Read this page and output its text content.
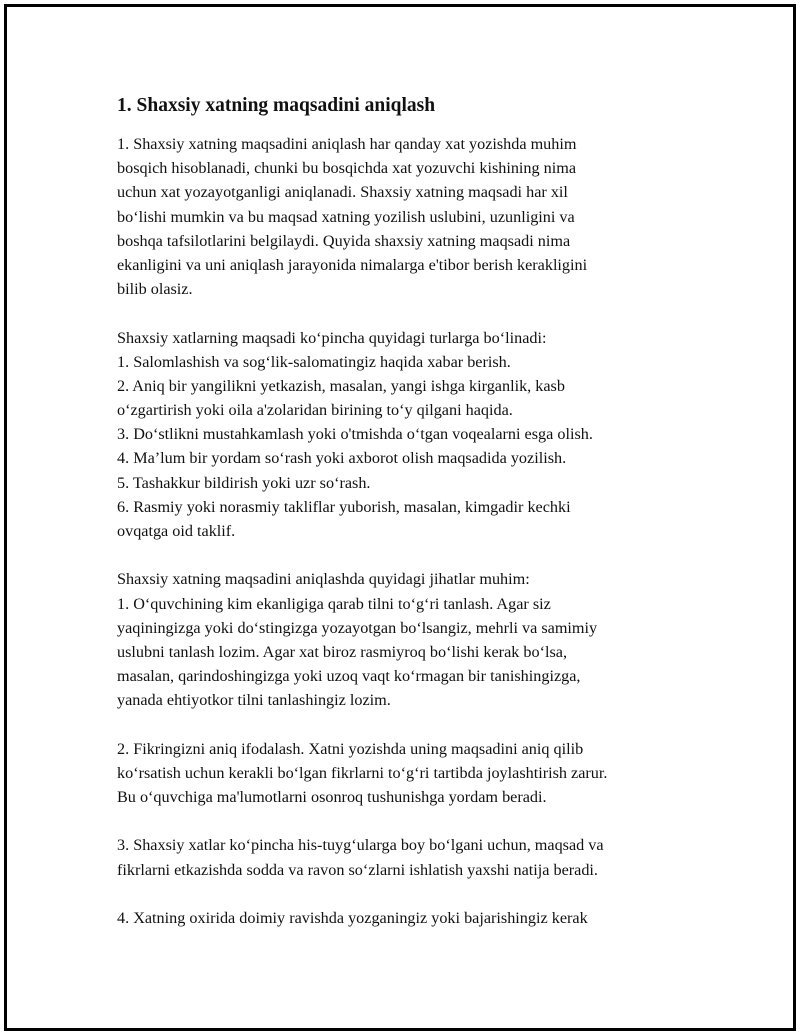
1. Shaxsiy xatning maqsadini aniqlash
1. Shaxsiy xatning maqsadini aniqlash har qanday xat yozishda muhim
bosqich hisoblanadi, chunki bu bosqichda xat yozuvchi kishining nima
uchun xat yozayotganligi aniqlanadi. Shaxsiy xatning maqsadi har xil
bo‘lishi mumkin va bu maqsad xatning yozilish uslubini, uzunligini va
boshqa tafsilotlarini belgilaydi. Quyida shaxsiy xatning maqsadi nima
ekanligini va uni aniqlash jarayonida nimalarga e'tibor berish kerakligini
bilib olasiz.
Shaxsiy xatlarning maqsadi ko‘pincha quyidagi turlarga bo‘linadi:
1. Salomlashish va sog‘lik-salomatingiz haqida xabar berish.
2. Aniq bir yangilikni yetkazish, masalan, yangi ishga kirganlik, kasb
o‘zgartirish yoki oila a'zolaridan birining to‘y qilgani haqida.
3. Do‘stlikni mustahkamlash yoki o'tmishda o‘tgan voqealarni esga olish.
4. Ma’lum bir yordam so‘rash yoki axborot olish maqsadida yozilish.
5. Tashakkur bildirish yoki uzr so‘rash.
6. Rasmiy yoki norasmiy takliflar yuborish, masalan, kimgadir kechki
ovqatga oid taklif.
Shaxsiy xatning maqsadini aniqlashda quyidagi jihatlar muhim:
1. O‘quvchining kim ekanligiga qarab tilni to‘g‘ri tanlash. Agar siz
yaqiningizga yoki do‘stingizga yozayotgan bo‘lsangiz, mehrli va samimiy
uslubni tanlash lozim. Agar xat biroz rasmiyroq bo‘lishi kerak bo‘lsa,
masalan, qarindoshingizga yoki uzoq vaqt ko‘rmagan bir tanishingizga,
yanada ehtiyotkor tilni tanlashingiz lozim.
2. Fikringizni aniq ifodalash. Xatni yozishda uning maqsadini aniq qilib
ko‘rsatish uchun kerakli bo‘lgan fikrlarni to‘g‘ri tartibda joylashtirish zarur.
Bu o‘quvchiga ma'lumotlarni osonroq tushunishga yordam beradi.
3. Shaxsiy xatlar ko‘pincha his-tuyg‘ularga boy bo‘lgani uchun, maqsad va
fikrlarni etkazishda sodda va ravon so‘zlarni ishlatish yaxshi natija beradi.
4. Xatning oxirida doimiy ravishda yozganingiz yoki bajarishingiz kerak
